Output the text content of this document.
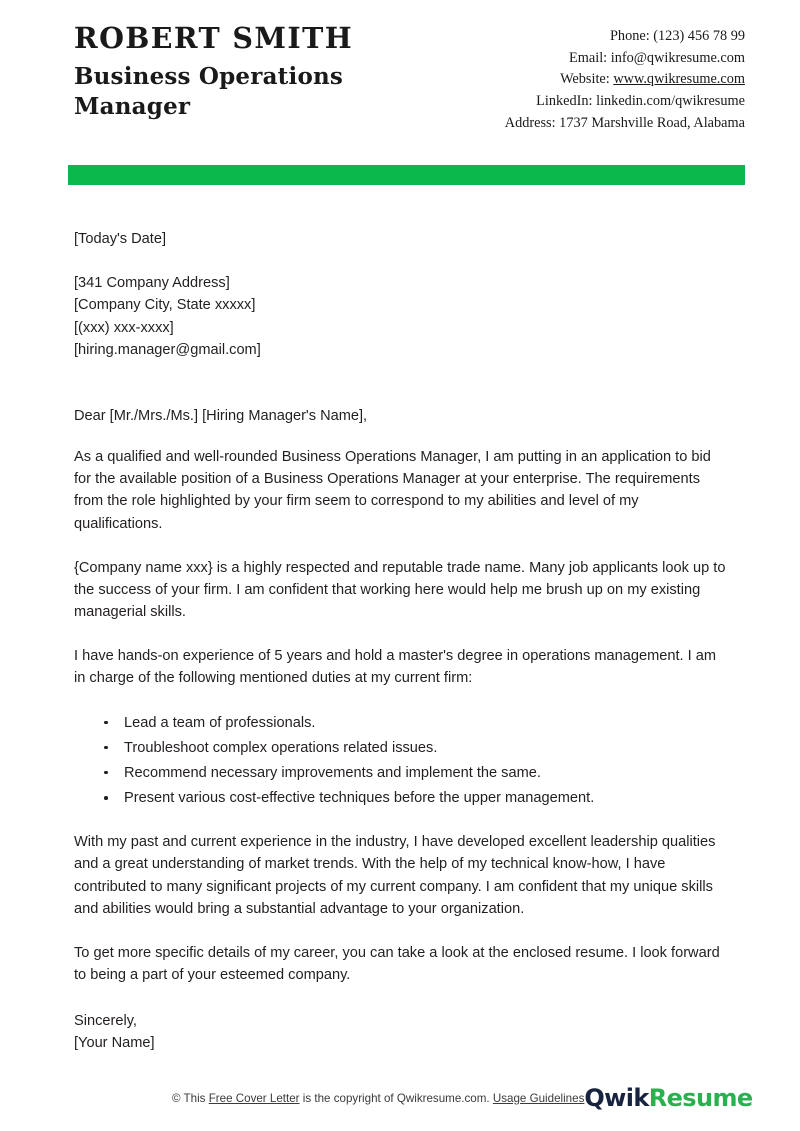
ROBERT SMITH
Business Operations Manager
Phone: (123) 456 78 99
Email: info@qwikresume.com
Website: www.qwikresume.com
LinkedIn: linkedin.com/qwikresume
Address: 1737 Marshville Road, Alabama
[Today's Date]
[341 Company Address]
[Company City, State xxxxx]
[(xxx) xxx-xxxx]
[hiring.manager@gmail.com]
Dear [Mr./Mrs./Ms.] [Hiring Manager's Name],

As a qualified and well-rounded Business Operations Manager, I am putting in an application to bid for the available position of a Business Operations Manager at your enterprise. The requirements from the role highlighted by your firm seem to correspond to my abilities and level of my qualifications.

{Company name xxx} is a highly respected and reputable trade name. Many job applicants look up to the success of your firm. I am confident that working here would help me brush up on my existing managerial skills.

I have hands-on experience of 5 years and hold a master's degree in operations management. I am in charge of the following mentioned duties at my current firm:

Lead a team of professionals.
Troubleshoot complex operations related issues.
Recommend necessary improvements and implement the same.
Present various cost-effective techniques before the upper management.

With my past and current experience in the industry, I have developed excellent leadership qualities and a great understanding of market trends. With the help of my technical know-how, I have contributed to many significant projects of my current company. I am confident that my unique skills and abilities would bring a substantial advantage to your organization.

To get more specific details of my career, you can take a look at the enclosed resume. I look forward to being a part of your esteemed company.

Sincerely,
[Your Name]
© This Free Cover Letter is the copyright of Qwikresume.com. Usage Guidelines QwikResume
